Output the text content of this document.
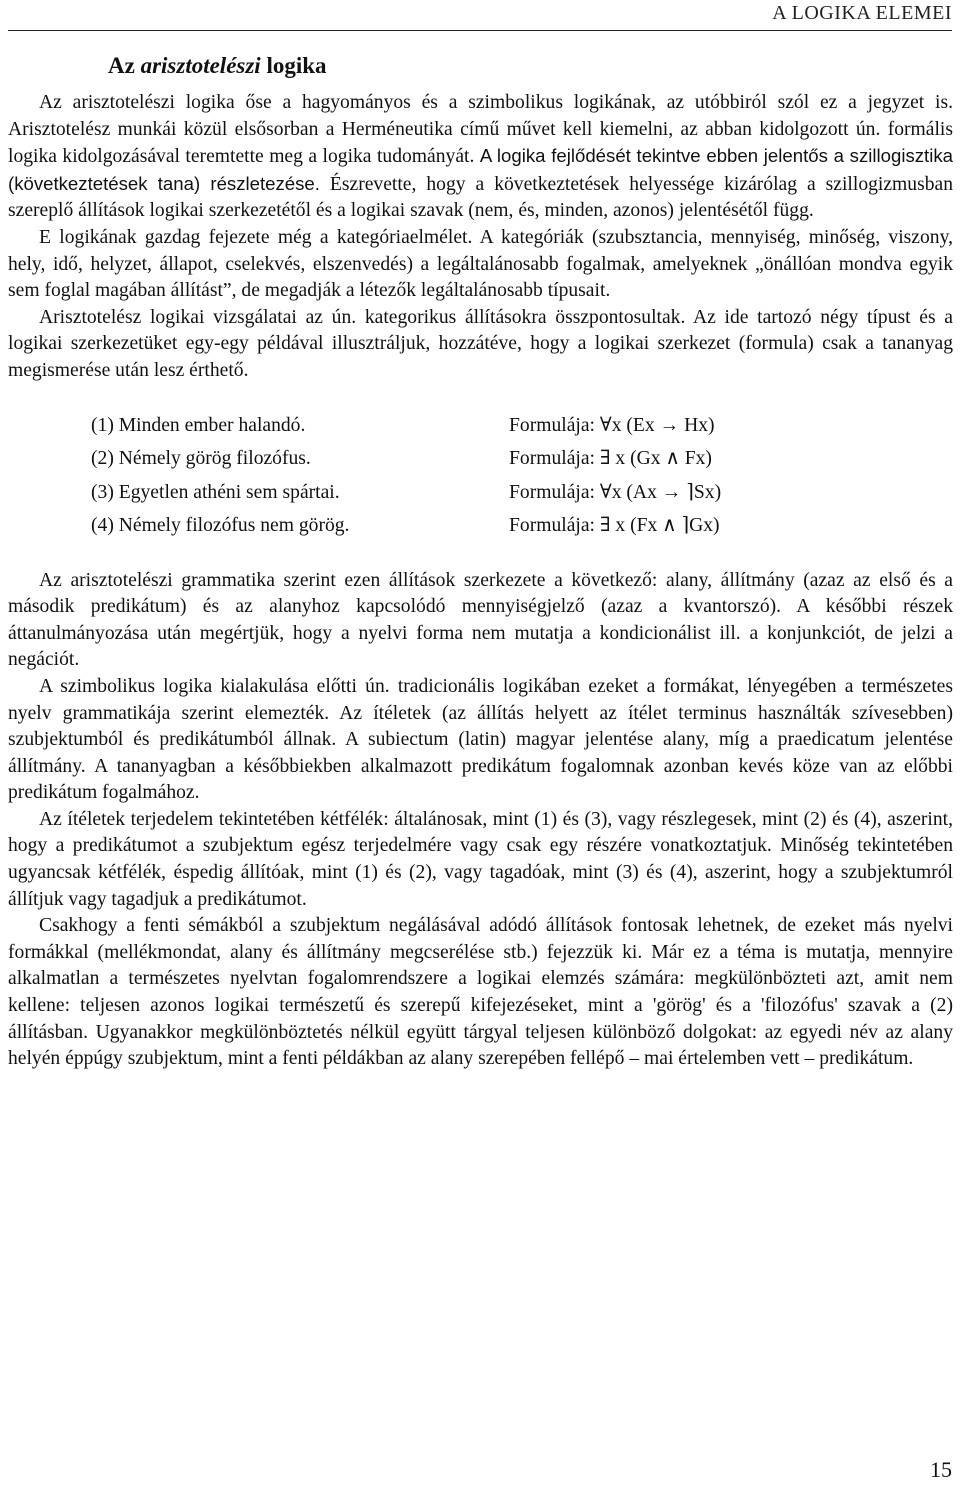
A LOGIKA ELEMEI
Az arisztotelészi logika

Az arisztotelészi logika őse a hagyományos és a szimbolikus logikának, az utóbbiról szól ez a jegyzet is. Arisztotelész munkái közül elsősorban a Herméneutika című művet kell kiemelni, az abban kidolgozott ún. formális logika kidolgozásával teremtette meg a logika tudományát. A logika fejlődését tekintve ebben jelentős a szillogisztika (következtetések tana) részletezése. Észrevette, hogy a következtetések helyessége kizárólag a szillogizmusban szereplő állítások logikai szerkezetétől és a logikai szavak (nem, és, minden, azonos) jelentésétől függ.

E logikának gazdag fejezete még a kategóriaelmélet. A kategóriák (szubsztancia, mennyiség, minőség, viszony, hely, idő, helyzet, állapot, cselekvés, elszenvedés) a legáltalánosabb fogalmak, amelyeknek „önállóan mondva egyik sem foglal magában állítást”, de megadják a létezők legáltalánosabb típusait.

Arisztotelész logikai vizsgálatai az ún. kategorikus állításokra összpontosultak. Az ide tartozó négy típust és a logikai szerkezetüket egy-egy példával illusztráljuk, hozzátéve, hogy a logikai szerkezet (formula) csak a tananyag megismerése után lesz érthető.

(1) Minden ember halandó.	Formulája: ∀x (Ex → Hx)
(2) Némely görög filozófus.	Formulája: ∃ x (Gx ∧ Fx)
(3) Egyetlen athéni sem spártai.	Formulája: ∀x (Ax → ⌉Sx)
(4) Némely filozófus nem görög.	Formulája: ∃ x (Fx ∧ ⌉Gx)

Az arisztotelészi grammatika szerint ezen állítások szerkezete a következő: alany, állítmány (azaz az első és a második predikátum) és az alanyhoz kapcsolódó mennyiségjelző (azaz a kvantorszó). A későbbi részek áttanulmányozása után megértjük, hogy a nyelvi forma nem mutatja a kondicionálist ill. a konjunkciót, de jelzi a negációt.

A szimbolikus logika kialakulása előtti ún. tradicionális logikában ezeket a formákat, lényegében a természetes nyelv grammatikája szerint elemezték. Az ítéletek (az állítás helyett az ítélet terminus használták szívesebben) szubjektumból és predikátumból állnak. A subiectum (latin) magyar jelentése alany, míg a praedicatum jelentése állítmány. A tananyagban a későbbiekben alkalmazott predikátum fogalomnak azonban kevés köze van az előbbi predikátum fogalmához.

Az ítéletek terjedelem tekintetében kétfélék: általánosak, mint (1) és (3), vagy részlegesek, mint (2) és (4), aszerint, hogy a predikátumot a szubjektum egész terjedelmére vagy csak egy részére vonatkoztatjuk. Minőség tekintetében ugyancsak kétfélék, éspedig állítóak, mint (1) és (2), vagy tagadóak, mint (3) és (4), aszerint, hogy a szubjektumról állítjuk vagy tagadjuk a predikátumot.

Csakhogy a fenti sémákból a szubjektum negálásával adódó állítások fontosak lehetnek, de ezeket más nyelvi formákkal (mellékmondat, alany és állítmány megcserélése stb.) fejezzük ki. Már ez a téma is mutatja, mennyire alkalmatlan a természetes nyelvtan fogalomrendszere a logikai elemzés számára: megkülönbözteti azt, amit nem kellene: teljesen azonos logikai természetű és szerepű kifejezéseket, mint a 'görög' és a 'filozófus' szavak a (2) állításban. Ugyanakkor megkülönböztetés nélkül együtt tárgyal teljesen különböző dolgokat: az egyedi név az alany helyén éppúgy szubjektum, mint a fenti példákban az alany szerepében fellépő – mai értelemben vett – predikátum.

15
